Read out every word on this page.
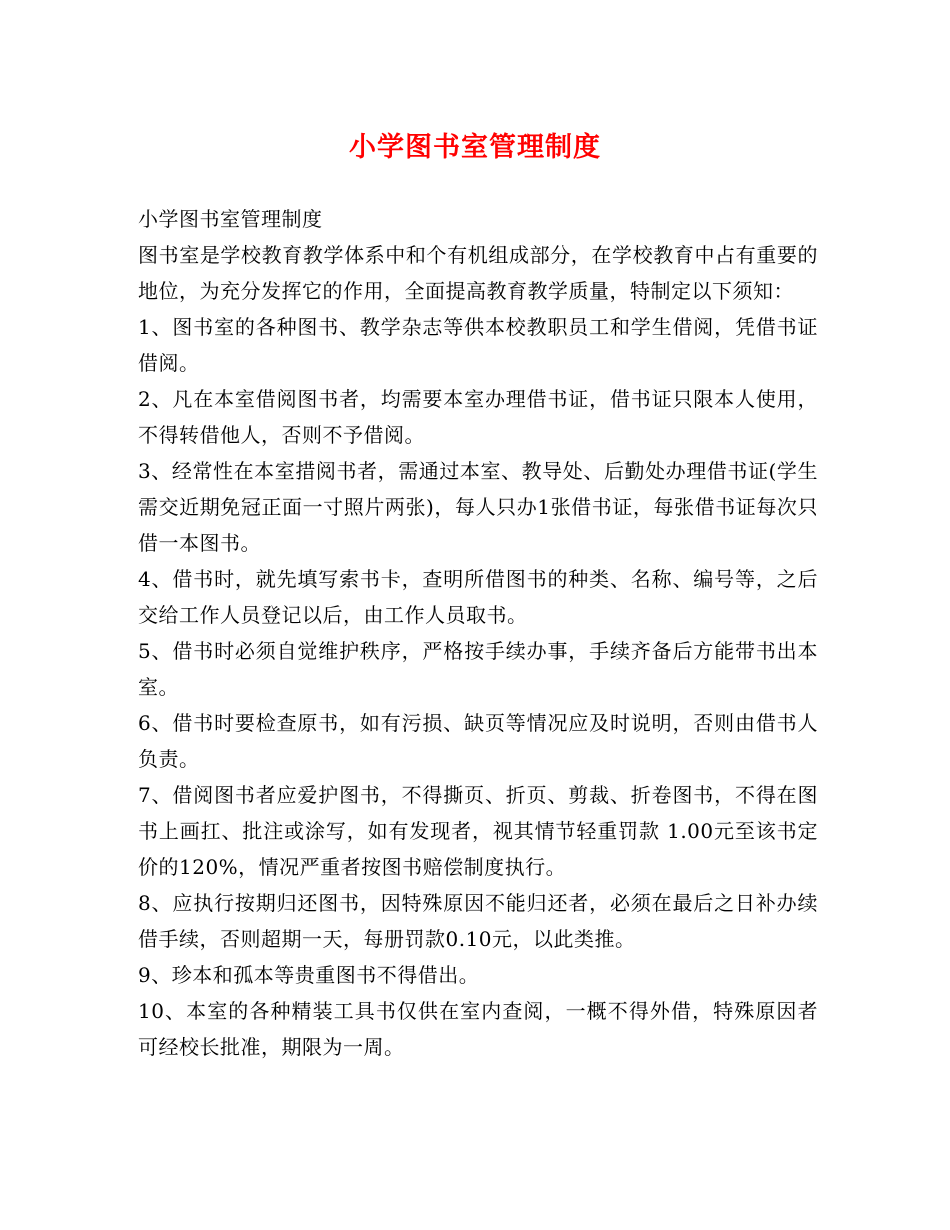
小学图书室管理制度

小学图书室管理制度

图书室是学校教育教学体系中和个有机组成部分，在学校教育中占有重要的地位，为充分发挥它的作用，全面提高教育教学质量，特制定以下须知：

1、图书室的各种图书、教学杂志等供本校教职员工和学生借阅，凭借书证借阅。

2、凡在本室借阅图书者，均需要本室办理借书证，借书证只限本人使用，不得转借他人，否则不予借阅。

3、经常性在本室措阅书者，需通过本室、教导处、后勤处办理借书证(学生需交近期免冠正面一寸照片两张)，每人只办1张借书证，每张借书证每次只借一本图书。

4、借书时，就先填写索书卡，查明所借图书的种类、名称、编号等，之后交给工作人员登记以后，由工作人员取书。

5、借书时必须自觉维护秩序，严格按手续办事，手续齐备后方能带书出本室。

6、借书时要检查原书，如有污损、缺页等情况应及时说明，否则由借书人负责。

7、借阅图书者应爱护图书，不得撕页、折页、剪裁、折卷图书，不得在图书上画扛、批注或涂写，如有发现者，视其情节轻重罚款 1.00元至该书定价的120%，情况严重者按图书赔偿制度执行。

8、应执行按期归还图书，因特殊原因不能归还者，必须在最后之日补办续借手续，否则超期一天，每册罚款0.10元，以此类推。

9、珍本和孤本等贵重图书不得借出。

10、本室的各种精装工具书仅供在室内查阅，一概不得外借，特殊原因者可经校长批准，期限为一周。
